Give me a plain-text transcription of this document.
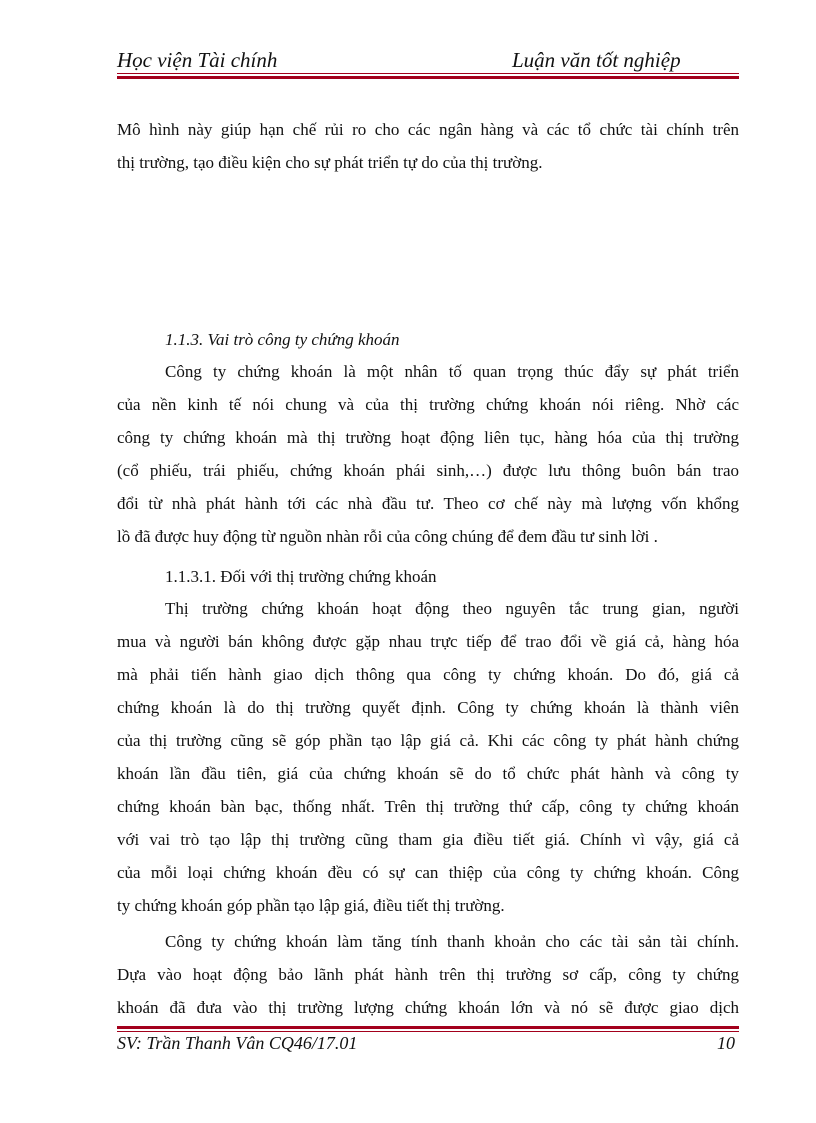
Học viện Tài chính	Luận văn tốt nghiệp
Mô hình này giúp hạn chế rủi ro cho các ngân hàng và các tổ chức tài chính trên
thị trường, tạo điều kiện cho sự phát triển tự do của thị trường.
1.1.3. Vai trò công ty chứng khoán
Công ty chứng khoán là một nhân tố quan trọng thúc đẩy sự phát triển
của nền kinh tế nói chung và của thị trường chứng khoán nói riêng. Nhờ các
công ty chứng khoán mà thị trường hoạt động liên tục, hàng hóa của thị trường
(cổ phiếu, trái phiếu, chứng khoán phái sinh,…) được lưu thông buôn bán trao
đổi từ nhà phát hành tới các nhà đầu tư. Theo cơ chế này mà lượng vốn khổng
lồ đã được huy động từ nguồn nhàn rỗi của công chúng để đem đầu tư sinh lời .
1.1.3.1. Đối với thị trường chứng khoán
Thị trường chứng khoán hoạt động theo nguyên tắc trung gian, người
mua và người bán không được gặp nhau trực tiếp để trao đổi về giá cả, hàng hóa
mà phải tiến hành giao dịch thông qua công ty chứng khoán. Do đó, giá cả
chứng khoán là do thị trường quyết định. Công ty chứng khoán là thành viên
của thị trường cũng sẽ góp phần tạo lập giá cả. Khi các công ty phát hành chứng
khoán lần đầu tiên, giá của chứng khoán sẽ do tổ chức phát hành và công ty
chứng khoán bàn bạc, thống nhất. Trên thị trường thứ cấp, công ty chứng khoán
với vai trò tạo lập thị trường cũng tham gia điều tiết giá. Chính vì vậy, giá cả
của mỗi loại chứng khoán đều có sự can thiệp của công ty chứng khoán. Công
ty chứng khoán góp phần tạo lập giá, điều tiết thị trường.
Công ty chứng khoán làm tăng tính thanh khoản cho các tài sản tài chính.
Dựa vào hoạt động bảo lãnh phát hành trên thị trường sơ cấp, công ty chứng
khoán đã đưa vào thị trường lượng chứng khoán lớn và nó sẽ được giao dịch
SV: Trần Thanh Vân CQ46/17.01	10
